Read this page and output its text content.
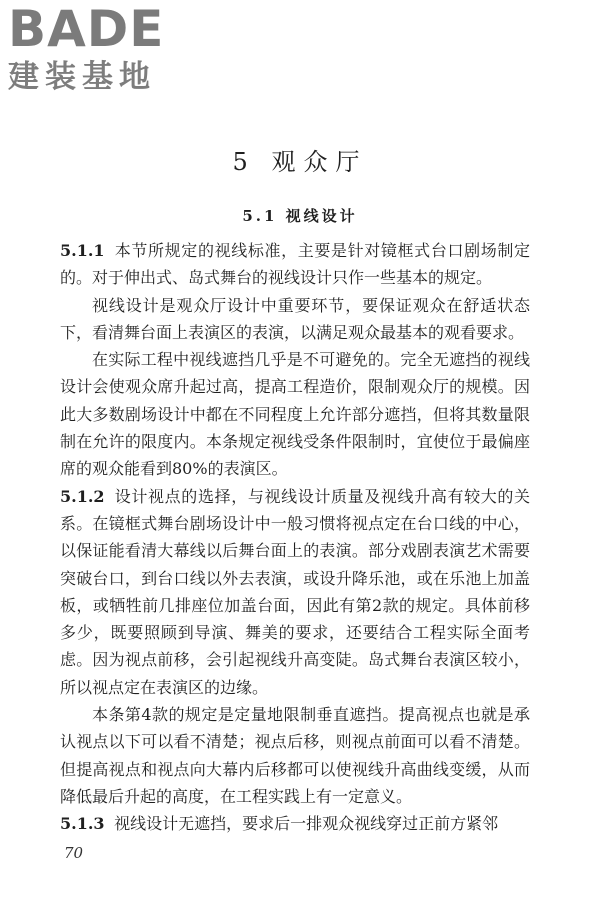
BADE
建装基地
5 观众厅
5.1 视线设计

5.1.1 本节所规定的视线标准，主要是针对镜框式台口剧场制定的。对于伸出式、岛式舞台的视线设计只作一些基本的规定。

视线设计是观众厅设计中重要环节，要保证观众在舒适状态下，看清舞台面上表演区的表演，以满足观众最基本的观看要求。

在实际工程中视线遮挡几乎是不可避免的。完全无遮挡的视线设计会使观众席升起过高，提高工程造价，限制观众厅的规模。因此大多数剧场设计中都在不同程度上允许部分遮挡，但将其数量限制在允许的限度内。本条规定视线受条件限制时，宜使位于最偏座席的观众能看到80%的表演区。

5.1.2 设计视点的选择，与视线设计质量及视线升高有较大的关系。在镜框式舞台剧场设计中一般习惯将视点定在台口线的中心，以保证能看清大幕线以后舞台面上的表演。部分戏剧表演艺术需要突破台口，到台口线以外去表演，或设升降乐池，或在乐池上加盖板，或牺牲前几排座位加盖台面，因此有第2款的规定。具体前移多少，既要照顾到导演、舞美的要求，还要结合工程实际全面考虑。因为视点前移，会引起视线升高变陡。岛式舞台表演区较小，所以视点定在表演区的边缘。

本条第4款的规定是定量地限制垂直遮挡。提高视点也就是承认视点以下可以看不清楚；视点后移，则视点前面可以看不清楚。但提高视点和视点向大幕内后移都可以使视线升高曲线变缓，从而降低最后升起的高度，在工程实践上有一定意义。

5.1.3 视线设计无遮挡，要求后一排观众视线穿过正前方紧邻

70
